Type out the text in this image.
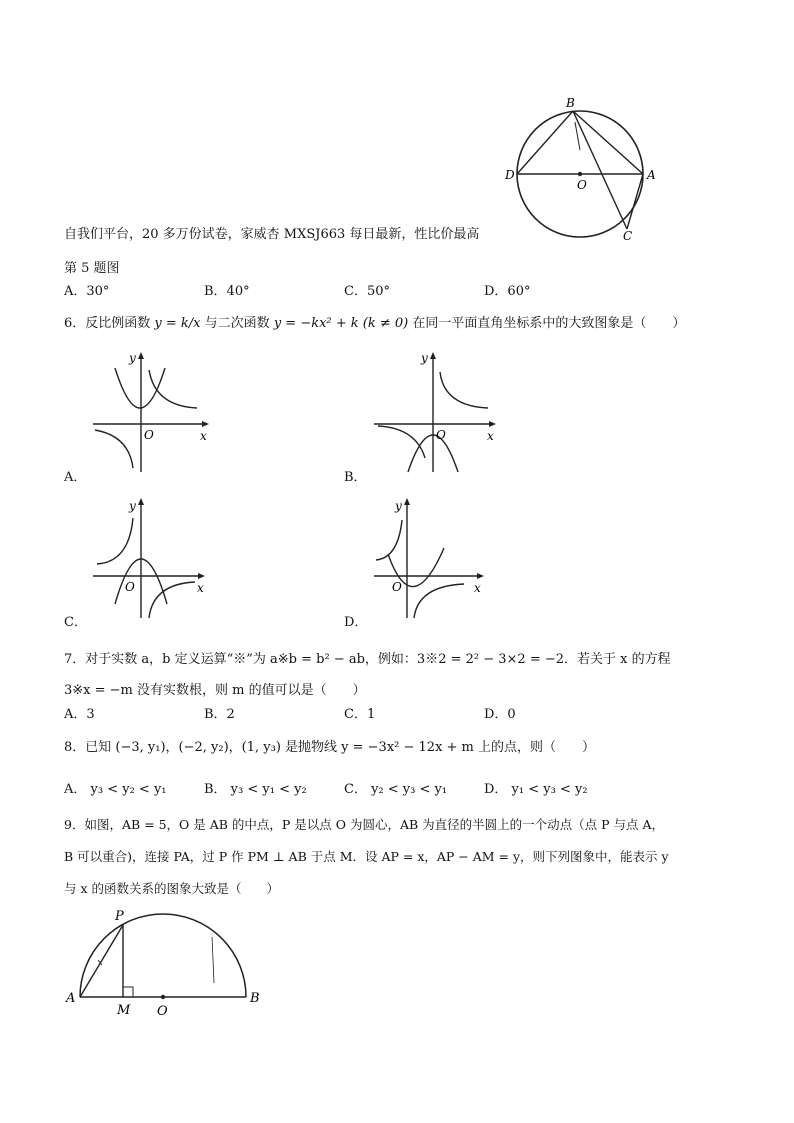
B
D
O
A
C
自我们平台，20 多万份试卷，家威杏 MXSJ663 每日最新，性比价最高
第 5 题图
A．30°	B．40°	C．50°	D．60°
6．反比例函数 y = k/x 与二次函数 y = −kx² + k (k ≠ 0) 在同一平面直角坐标系中的大致图象是（　　）
y
x
O
A．
y
x
O
B．
y
x
O
C．
y
x
O
D．
7．对于实数 a，b 定义运算“※”为 a※b = b² − ab，例如：3※2 = 2² − 3×2 = −2．若关于 x 的方程
3※x = −m 没有实数根，则 m 的值可以是（　　）
A．3	B．2	C．1	D．0
8．已知 (−3, y₁)，(−2, y₂)，(1, y₃) 是抛物线 y = −3x² − 12x + m 上的点，则（　　）
A． y₃ < y₂ < y₁	B． y₃ < y₁ < y₂	C． y₂ < y₃ < y₁	D． y₁ < y₃ < y₂
9．如图，AB = 5，O 是 AB 的中点，P 是以点 O 为圆心，AB 为直径的半圆上的一个动点（点 P 与点 A，
B 可以重合)，连接 PA，过 P 作 PM ⊥ AB 于点 M．设 AP = x，AP − AM = y，则下列图象中，能表示 y
与 x 的函数关系的图象大致是（　　）
P
A
M O
B
